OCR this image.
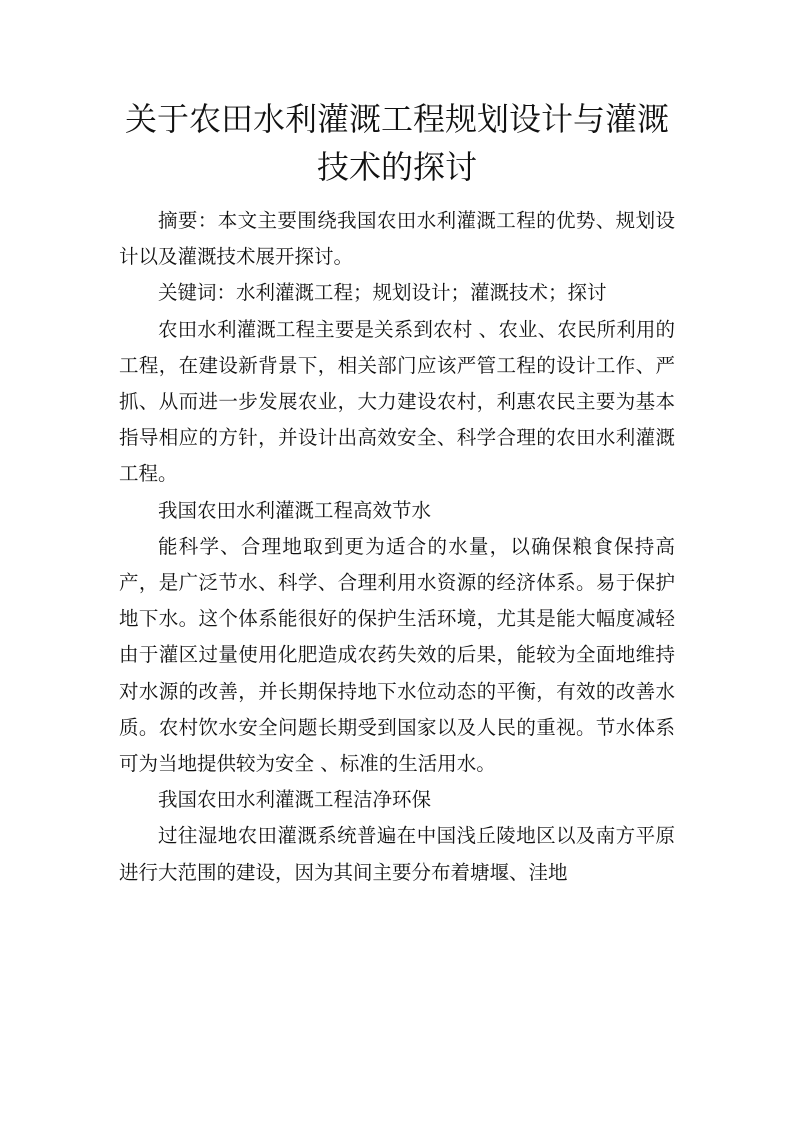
关于农田水利灌溉工程规划设计与灌溉技术的探讨

摘要：本文主要围绕我国农田水利灌溉工程的优势、规划设计以及灌溉技术展开探讨。

关键词：水利灌溉工程；规划设计；灌溉技术；探讨

农田水利灌溉工程主要是关系到农村 、农业、农民所利用的工程，在建设新背景下，相关部门应该严管工程的设计工作、严抓、从而进一步发展农业，大力建设农村，利惠农民主要为基本指导相应的方针，并设计出高效安全、科学合理的农田水利灌溉工程。

我国农田水利灌溉工程高效节水

能科学、合理地取到更为适合的水量，以确保粮食保持高产，是广泛节水、科学、合理利用水资源的经济体系。易于保护地下水。这个体系能很好的保护生活环境，尤其是能大幅度减轻由于灌区过量使用化肥造成农药失效的后果，能较为全面地维持对水源的改善，并长期保持地下水位动态的平衡，有效的改善水质。农村饮水安全问题长期受到国家以及人民的重视。节水体系可为当地提供较为安全 、标准的生活用水。

我国农田水利灌溉工程洁净环保

过往湿地农田灌溉系统普遍在中国浅丘陵地区以及南方平原进行大范围的建设，因为其间主要分布着塘堰、洼地
